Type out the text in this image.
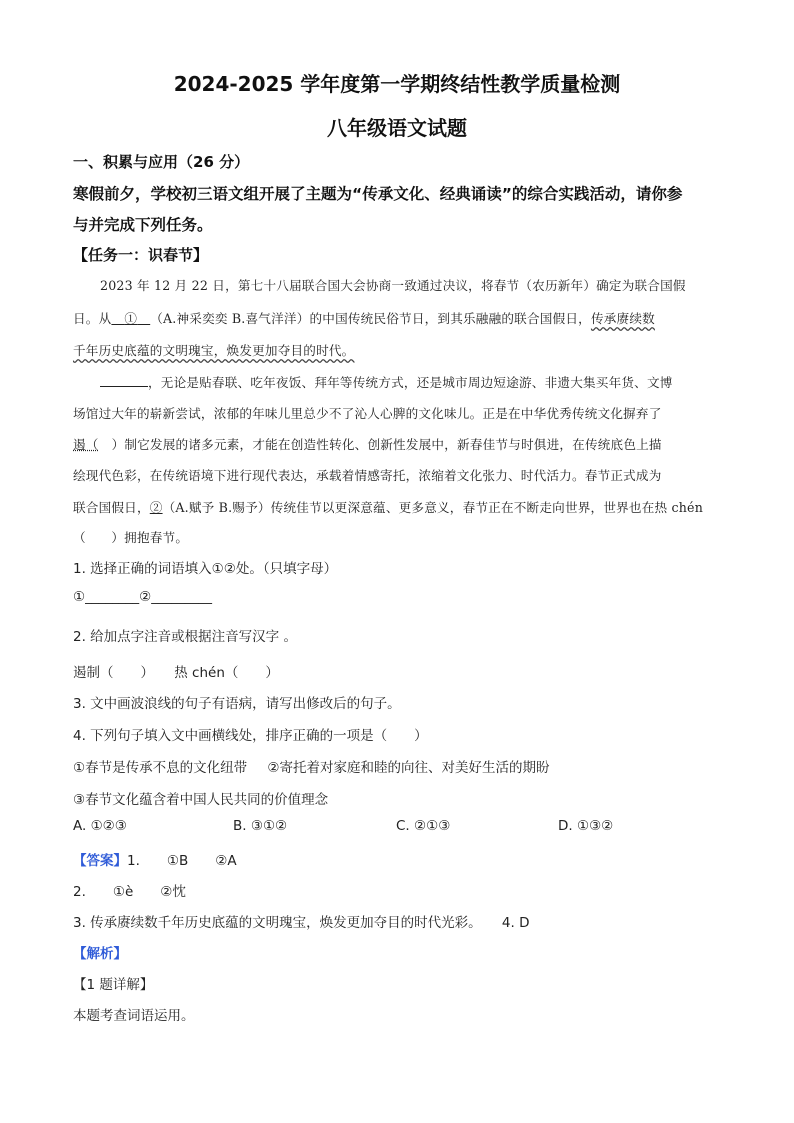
2024-2025 学年度第一学期终结性教学质量检测
八年级语文试题
一、积累与应用（26 分）
寒假前夕，学校初三语文组开展了主题为“传承文化、经典诵读”的综合实践活动，请你参
与并完成下列任务。
【任务一：识春节】
2023 年 12 月 22 日，第七十八届联合国大会协商一致通过决议，将春节（农历新年）确定为联合国假
日。从   ①   （A.神采奕奕 B.喜气洋洋）的中国传统民俗节日，到其乐融融的联合国假日，传承赓续数
千年历史底蕴的文明瑰宝，焕发更加夺目的时代。
，无论是贴春联、吃年夜饭、拜年等传统方式，还是城市周边短途游、非遗大集买年货、文博
场馆过大年的崭新尝试，浓郁的年味儿里总少不了沁人心脾的文化味儿。正是在中华优秀传统文化摒弃了
遏（   ）制它发展的诸多元素，才能在创造性转化、创新性发展中，新春佳节与时俱进，在传统底色上描
绘现代色彩，在传统语境下进行现代表达，承载着情感寄托，浓缩着文化张力、时代活力。春节正式成为
联合国假日，②（A.赋予 B.赐予）传统佳节以更深意蕴、更多意义，春节正在不断走向世界，世界也在热 chén
（　　）拥抱春节。
1. 选择正确的词语填入①②处。（只填字母）
①________②_________
2. 给加点字注音或根据注音写汉字 。
遏制（　　）　　热 chén（　　）
3. 文中画波浪线的句子有语病，请写出修改后的句子。
4. 下列句子填入文中画横线处，排序正确的一项是（　　）
①春节是传承不息的文化纽带　  ②寄托着对家庭和睦的向往、对美好生活的期盼
③春节文化蕴含着中国人民共同的价值理念
A. ①②③	B. ③①②	C. ②①③	D. ①③②
【答案】1.　　①B　　②A
2.　　①è　　②忱
3. 传承赓续数千年历史底蕴的文明瑰宝，焕发更加夺目的时代光彩。　　4. D
【解析】
【1 题详解】
本题考查词语运用。
